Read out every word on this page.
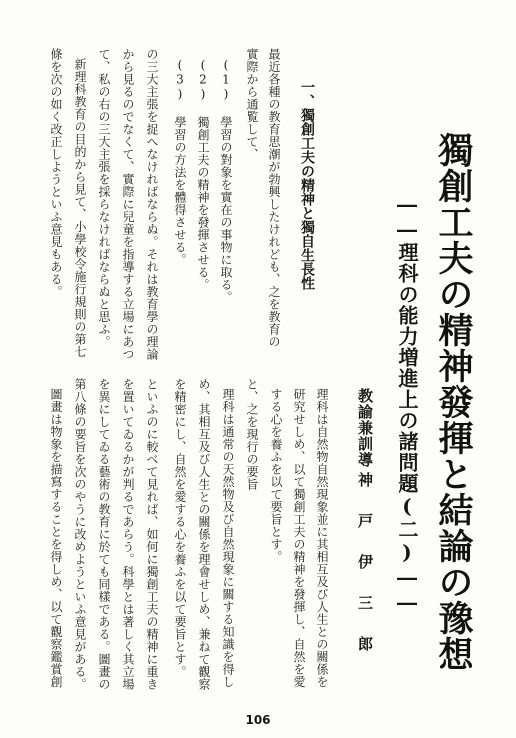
獨創工夫の精神發揮と結論の豫想
――理科の能力増進上の諸問題(二)――
教諭兼訓導
神戸伊三郎
一、獨創工夫の精神と獨自生長性
最近各種の教育思潮が勃興したけれども、之を教育の
實際から通覧して、
(1) 學習の對象を實在の事物に取る。
(2) 獨創工夫の精神を發揮させる。
(3) 學習の方法を體得させる。
の三大主張を捉へなければならぬ。それは教育學の理論
から見るのでなくて、實際に兒童を指導する立場にあつ
て、私の右の三大主張を採らなければならぬと思ふ。
新理科教育の目的から見て、小學校令施行規則の第七
條を次の如く改正しようといふ意見もある。
理科は自然物自然現象並に其相互及び人生との關係を
研究せしめ、以て獨創工夫の精神を發揮し、自然を愛
する心を養ふを以て要旨とす。
と、之を現行の要旨
理科は通常の天然物及び自然現象に關する知識を得し
め、其相互及び人生との關係を理會せしめ、兼ねて觀察
を精密にし、自然を愛する心を養ふを以て要旨とす。
といふのに較べて見れば、如何に獨創工夫の精神に重き
を置いてゐるかが判るであらう。科學とは著しく其立場
を異にしてゐる藝術の教育に於ても同樣である。圖畫の
第八條の要旨を次のやうに改めようといふ意見がある。
圖畫は物象を描寫することを得しめ、以て觀察鑑賞創
106
